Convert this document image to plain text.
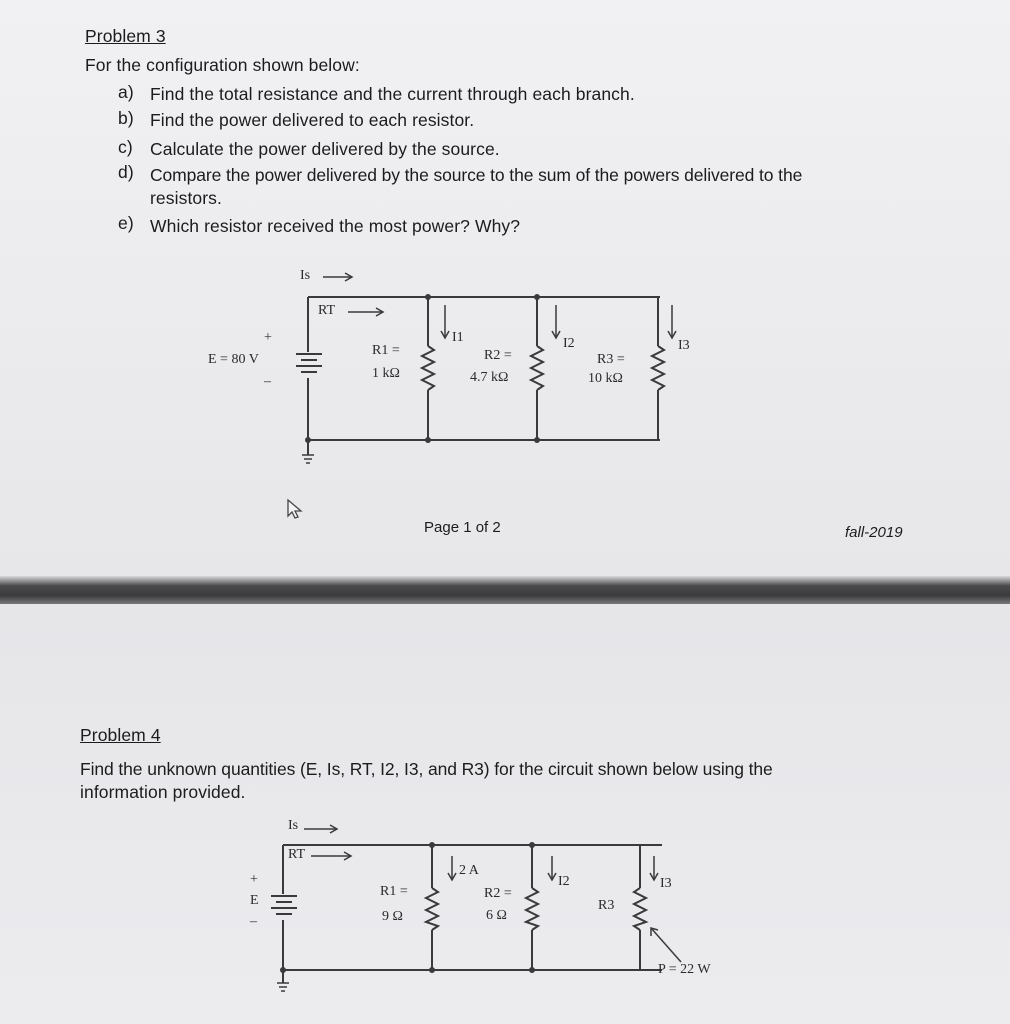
Problem 3
For the configuration shown below:
a) Find the total resistance and the current through each branch.
b) Find the power delivered to each resistor.
c) Calculate the power delivered by the source.
d) Compare the power delivered by the source to the sum of the powers delivered to the
resistors.
e) Which resistor received the most power? Why?
Is
RT
+
E = 80 V
–
R1 =
1 kΩ
R2 =
4.7 kΩ
R3 =
10 kΩ
I1	I2	I3
Page 1 of 2	fall-2019
Problem 4
Find the unknown quantities (E, Is, RT, I2, I3, and R3) for the circuit shown below using the
information provided.
Is
RT
+
E
–
R1 =
9 Ω
R2 =
6 Ω
R3
2 A
I2	I3
P = 22 W
